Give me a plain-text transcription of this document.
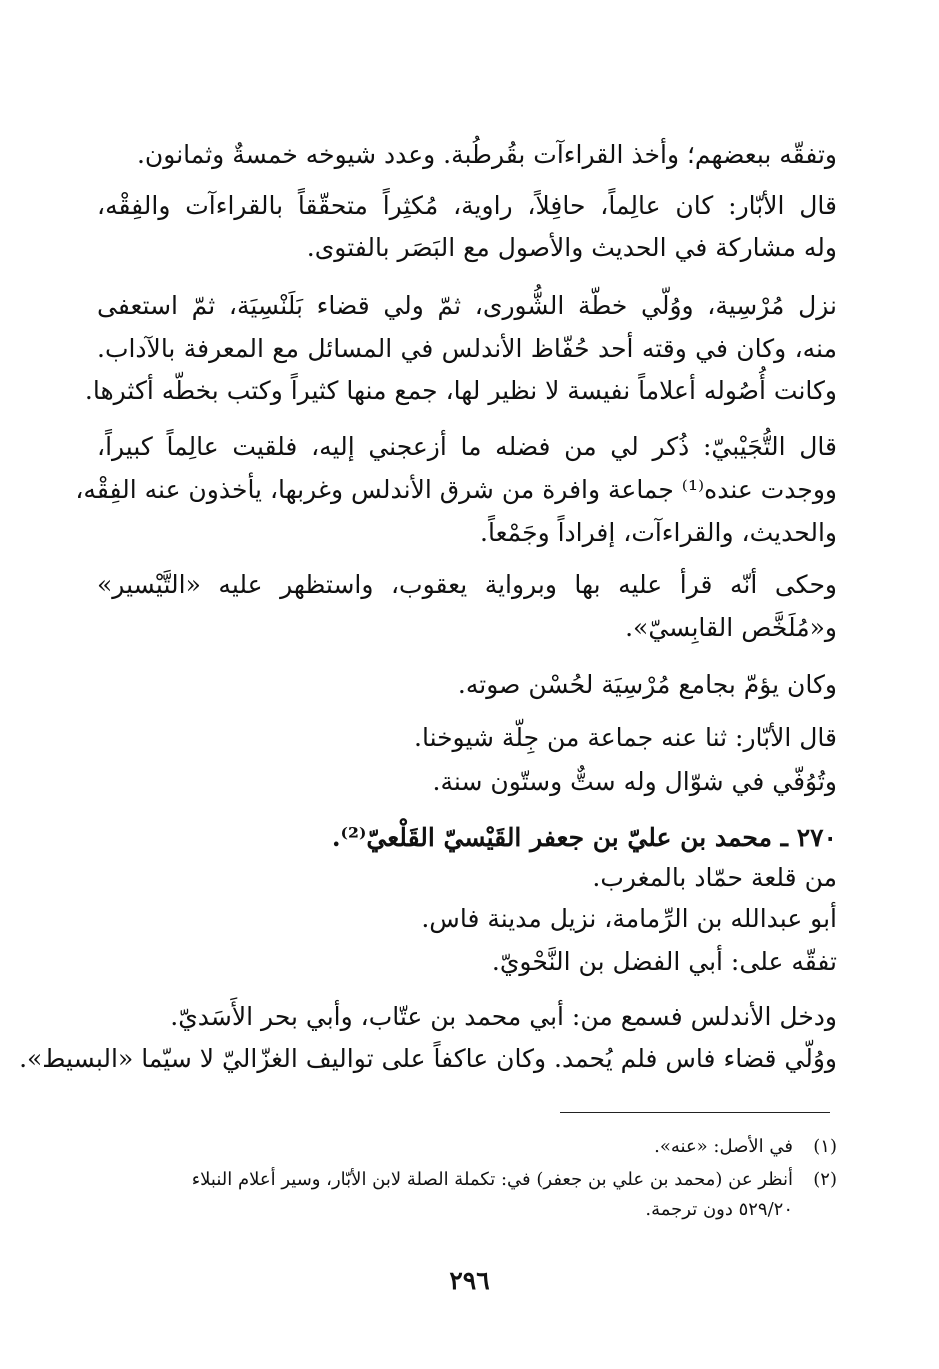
وتفقّه ببعضهم؛ وأخذ القراءآت بقُرطُبة. وعدد شيوخه خمسةٌ وثمانون.
قال الأبّار: كان عالِماً، حافِلاً، راوية، مُكثِراً متحقّقاً بالقراءآت والفِقْه،
وله مشاركة في الحديث والأصول مع البَصَر بالفتوى.
نزل مُرْسِية، ووُلّي خطّة الشُّورى، ثمّ ولي قضاء بَلَنْسِيَة، ثمّ استعفى
منه، وكان في وقته أحد حُفّاظ الأندلس في المسائل مع المعرفة بالآداب.
وكانت أُصُوله أعلاماً نفيسة لا نظير لها، جمع منها كثيراً وكتب بخطّه أكثرها.
قال التُّجَيْبيّ: ذُكر لي من فضله ما أزعجني إليه، فلقيت عالِماً كبيراً،
ووجدت عنده⁽¹⁾ جماعة وافرة من شرق الأندلس وغربها، يأخذون عنه الفِقْه،
والحديث، والقراءآت، إفراداً وجَمْعاً.
وحكى أنّه قرأ عليه بها وبرواية يعقوب، واستظهر عليه «التَّيْسير»
و«مُلَخَّص القابِسيّ».
وكان يؤمّ بجامع مُرْسِيَة لحُسْن صوته.
قال الأبّار: ثنا عنه جماعة من جِلّة شيوخنا.
وتُوُفّي في شوّال وله ستٌّ وستّون سنة.
٢٧٠ ـ محمد بن عليّ بن جعفر القَيْسيّ القَلْعيّ⁽²⁾.
من قلعة حمّاد بالمغرب.
أبو عبدالله بن الرِّمامة، نزيل مدينة فاس.
تفقّه على: أبي الفضل بن النَّحْويّ.
ودخل الأندلس فسمع من: أبي محمد بن عتّاب، وأبي بحر الأَسَديّ.
ووُلّي قضاء فاس فلم يُحمد. وكان عاكفاً على تواليف الغزّاليّ لا سيّما «البسيط».
(١)في الأصل: «عنه».
(٢)أنظر عن (محمد بن علي بن جعفر) في: تكملة الصلة لابن الأبّار، وسير أعلام النبلاء
٥٢٩/٢٠ دون ترجمة.
٢٩٦
